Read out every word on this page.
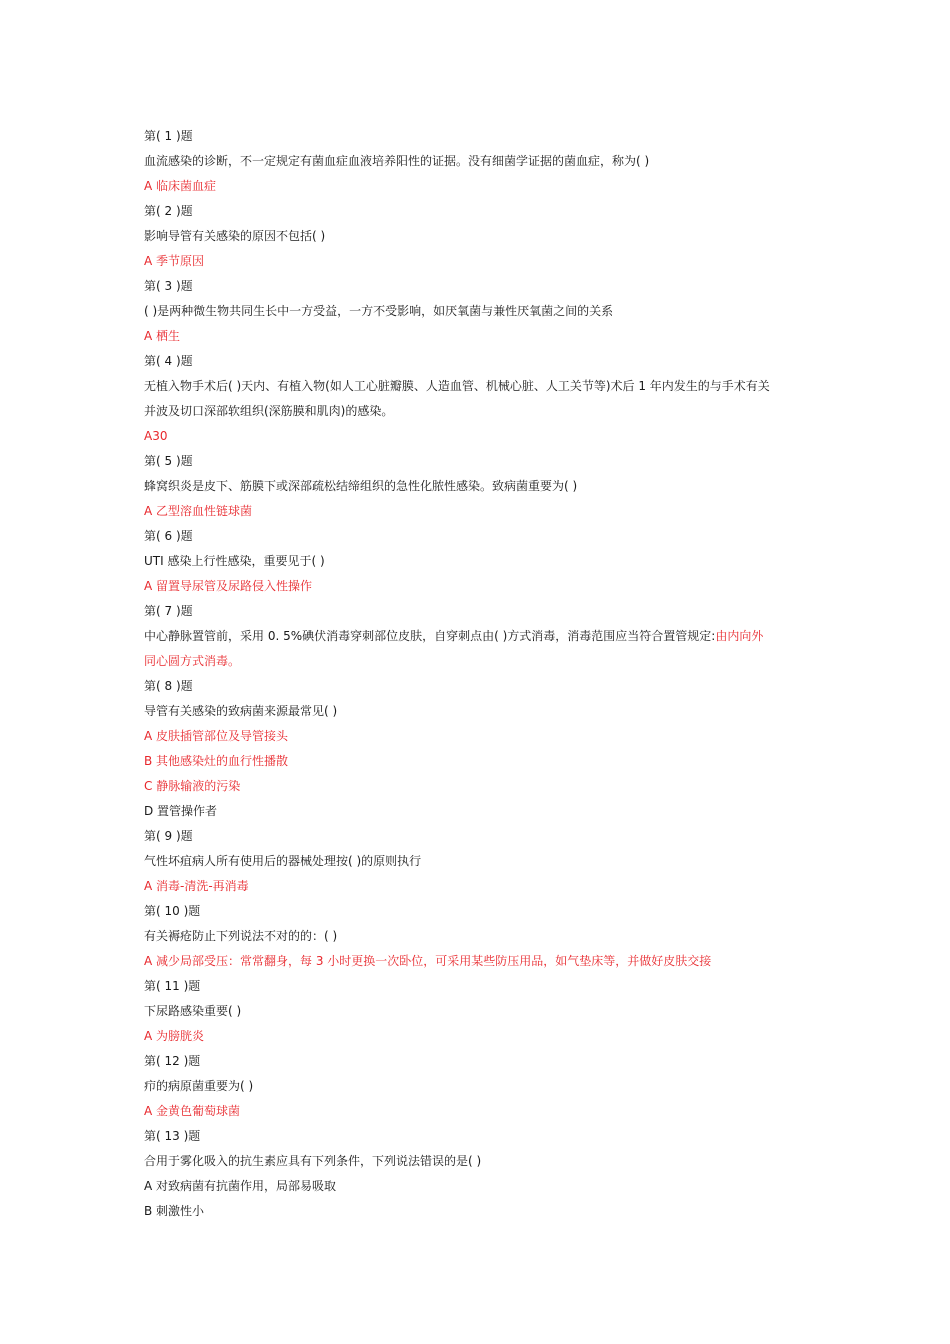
第( 1 )题
血流感染的诊断，不一定规定有菌血症血液培养阳性的证据。没有细菌学证据的菌血症，称为( )
A 临床菌血症
第( 2 )题
影响导管有关感染的原因不包括( )
A 季节原因
第( 3 )题
( )是两种微生物共同生长中一方受益，一方不受影响，如厌氧菌与兼性厌氧菌之间的关系
A 栖生
第( 4 )题
无植入物手术后( )天内、有植入物(如人工心脏瓣膜、人造血管、机械心脏、人工关节等)术后 1 年内发生的与手术有关
并波及切口深部软组织(深筋膜和肌肉)的感染。
A30
第( 5 )题
蜂窝织炎是皮下、筋膜下或深部疏松结缔组织的急性化脓性感染。致病菌重要为( )
A 乙型溶血性链球菌
第( 6 )题
UTI 感染上行性感染，重要见于( )
A 留置导尿管及尿路侵入性操作
第( 7 )题
中心静脉置管前，采用 0. 5%碘伏消毒穿刺部位皮肤，自穿刺点由( )方式消毒，消毒范围应当符合置管规定:由内向外
同心圆方式消毒。
第( 8 )题
导管有关感染的致病菌来源最常见( )
A 皮肤插管部位及导管接头
B 其他感染灶的血行性播散
C 静脉输液的污染
D 置管操作者
第( 9 )题
气性坏疽病人所有使用后的器械处理按( )的原则执行
A 消毒-清洗-再消毒
第( 10 )题
有关褥疮防止下列说法不对的的：( )
A 减少局部受压：常常翻身，每 3 小时更换一次卧位，可采用某些防压用品，如气垫床等，并做好皮肤交接
第( 11 )题
下尿路感染重要( )
A 为膀胱炎
第( 12 )题
疖的病原菌重要为( )
A 金黄色葡萄球菌
第( 13 )题
合用于雾化吸入的抗生素应具有下列条件，下列说法错误的是( )
A 对致病菌有抗菌作用，局部易吸取
B 刺激性小
